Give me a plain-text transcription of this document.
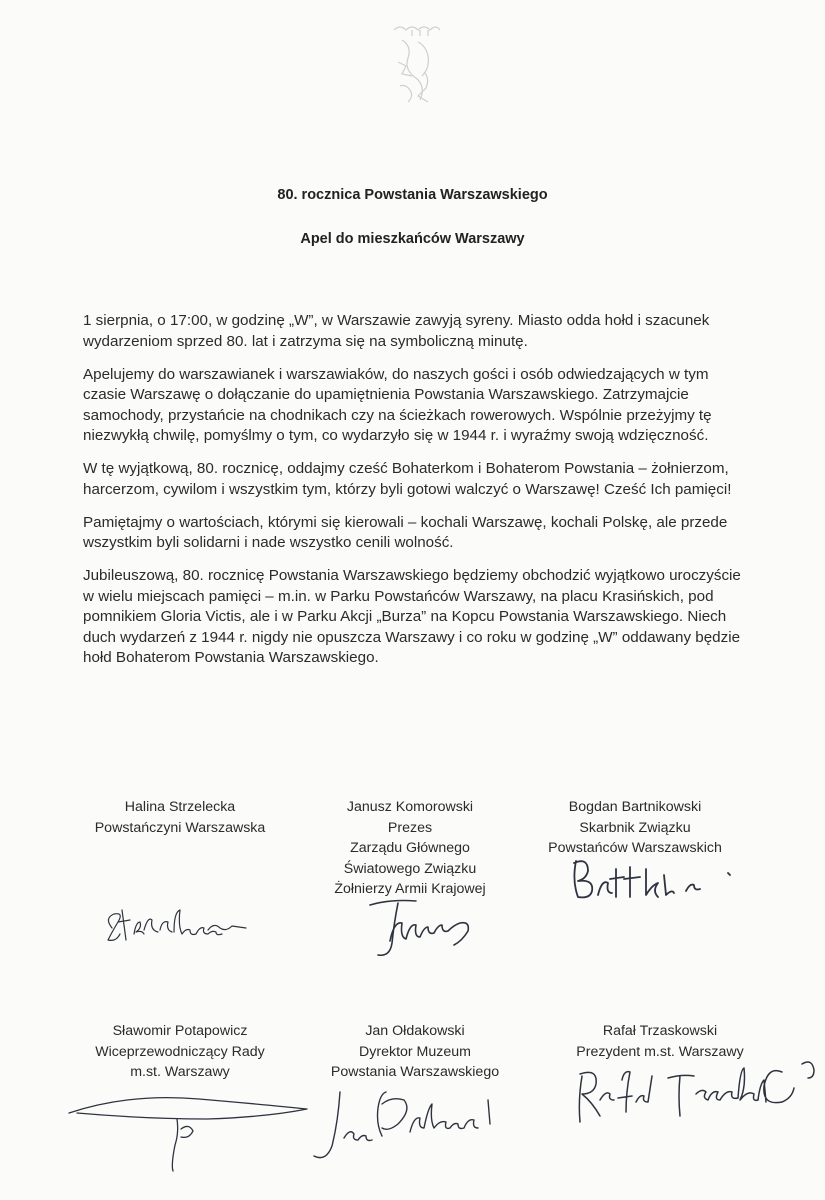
80. rocznica Powstania Warszawskiego
Apel do mieszkańców Warszawy

1 sierpnia, o 17:00, w godzinę „W”, w Warszawie zawyją syreny. Miasto odda hołd i szacunek wydarzeniom sprzed 80. lat i zatrzyma się na symboliczną minutę.

Apelujemy do warszawianek i warszawiaków, do naszych gości i osób odwiedzających w tym czasie Warszawę o dołączanie do upamiętnienia Powstania Warszawskiego. Zatrzymajcie samochody, przystańcie na chodnikach czy na ścieżkach rowerowych. Wspólnie przeżyjmy tę niezwykłą chwilę, pomyślmy o tym, co wydarzyło się w 1944 r. i wyraźmy swoją wdzięczność.

W tę wyjątkową, 80. rocznicę, oddajmy cześć Bohaterkom i Bohaterom Powstania – żołnierzom, harcerzom, cywilom i wszystkim tym, którzy byli gotowi walczyć o Warszawę! Cześć Ich pamięci!

Pamiętajmy o wartościach, którymi się kierowali – kochali Warszawę, kochali Polskę, ale przede wszystkim byli solidarni i nade wszystko cenili wolność.

Jubileuszową, 80. rocznicę Powstania Warszawskiego będziemy obchodzić wyjątkowo uroczyście w wielu miejscach pamięci – m.in. w Parku Powstańców Warszawy, na placu Krasińskich, pod pomnikiem Gloria Victis, ale i w Parku Akcji „Burza” na Kopcu Powstania Warszawskiego. Niech duch wydarzeń z 1944 r. nigdy nie opuszcza Warszawy i co roku w godzinę „W” oddawany będzie hołd Bohaterom Powstania Warszawskiego.

Halina Strzelecka
Powstańczyni Warszawska
Janusz Komorowski
Prezes
Zarządu Głównego
Światowego Związku
Żołnierzy Armii Krajowej
Bogdan Bartnikowski
Skarbnik Związku
Powstańców Warszawskich
Sławomir Potapowicz
Wiceprzewodniczący Rady
m.st. Warszawy
Jan Ołdakowski
Dyrektor Muzeum
Powstania Warszawskiego
Rafał Trzaskowski
Prezydent m.st. Warszawy
